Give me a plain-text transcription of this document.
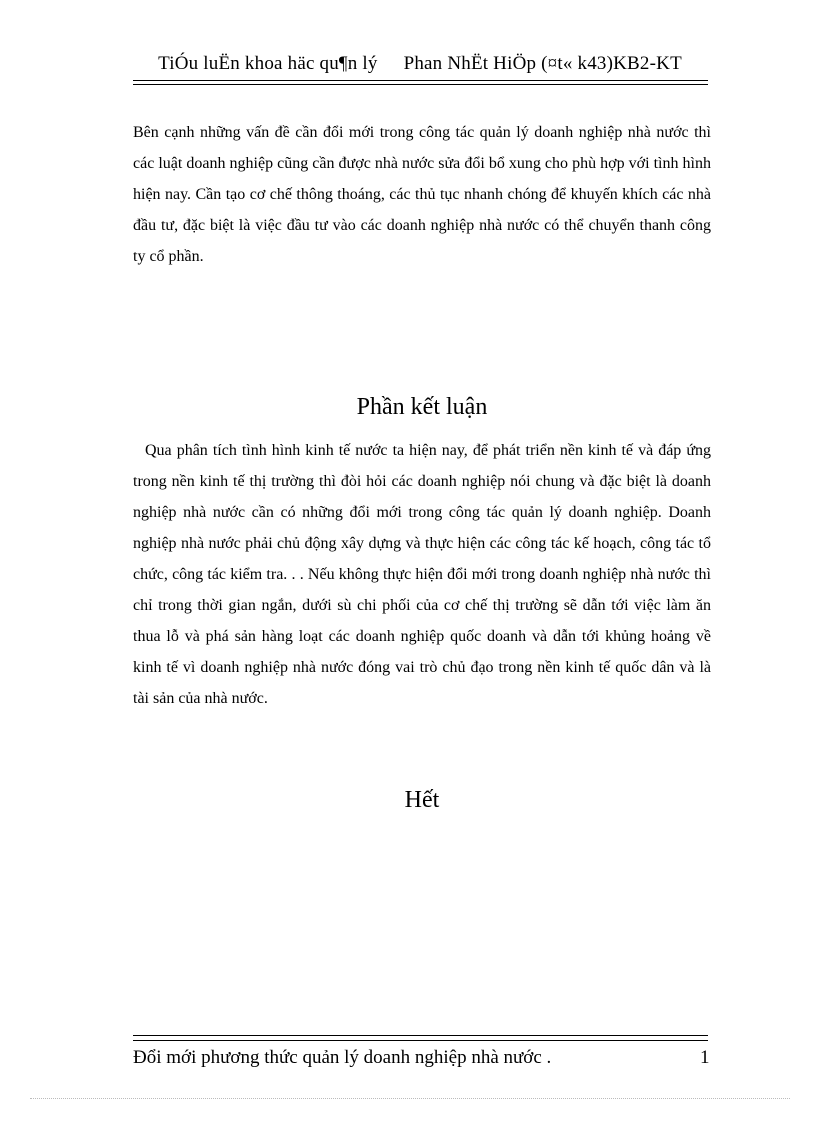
TiÓu luËn khoa häc qu¶n lý Phan NhËt HiÖp (¤t« k43)KB2-KT
Bên cạnh những vấn đề cần đổi mới trong công tác quản lý doanh nghiệp nhà nước thì các luật doanh nghiệp cũng cần được nhà nước sửa đổi bổ xung cho phù hợp với tình hình hiện nay. Cần tạo cơ chế thông thoáng, các thủ tục nhanh chóng để khuyến khích các nhà đầu tư, đặc biệt là việc đầu tư vào các doanh nghiệp nhà nước có thể chuyển thanh công ty cổ phần.
Phần kết luận
Qua phân tích tình hình kinh tế nước ta hiện nay, để phát triển nền kinh tế và đáp ứng trong nền kinh tế thị trường thì đòi hỏi các doanh nghiệp nói chung và đặc biệt là doanh nghiệp nhà nước cần có những đổi mới trong công tác quản lý doanh nghiệp. Doanh nghiệp nhà nước phải chủ động xây dựng và thực hiện các công tác kế hoạch, công tác tổ chức, công tác kiểm tra. . . Nếu không thực hiện đổi mới trong doanh nghiệp nhà nước thì chỉ trong thời gian ngắn, dưới sù chi phối của cơ chế thị trường sẽ dẫn tới việc làm ăn thua lỗ và phá sản hàng loạt các doanh nghiệp quốc doanh và dẫn tới khủng hoảng về kinh tế vì doanh nghiệp nhà nước đóng vai trò chủ đạo trong nền kinh tế quốc dân và là tài sản của nhà nước.
Hết
Đổi mới phương thức quản lý doanh nghiệp nhà nước .	1
